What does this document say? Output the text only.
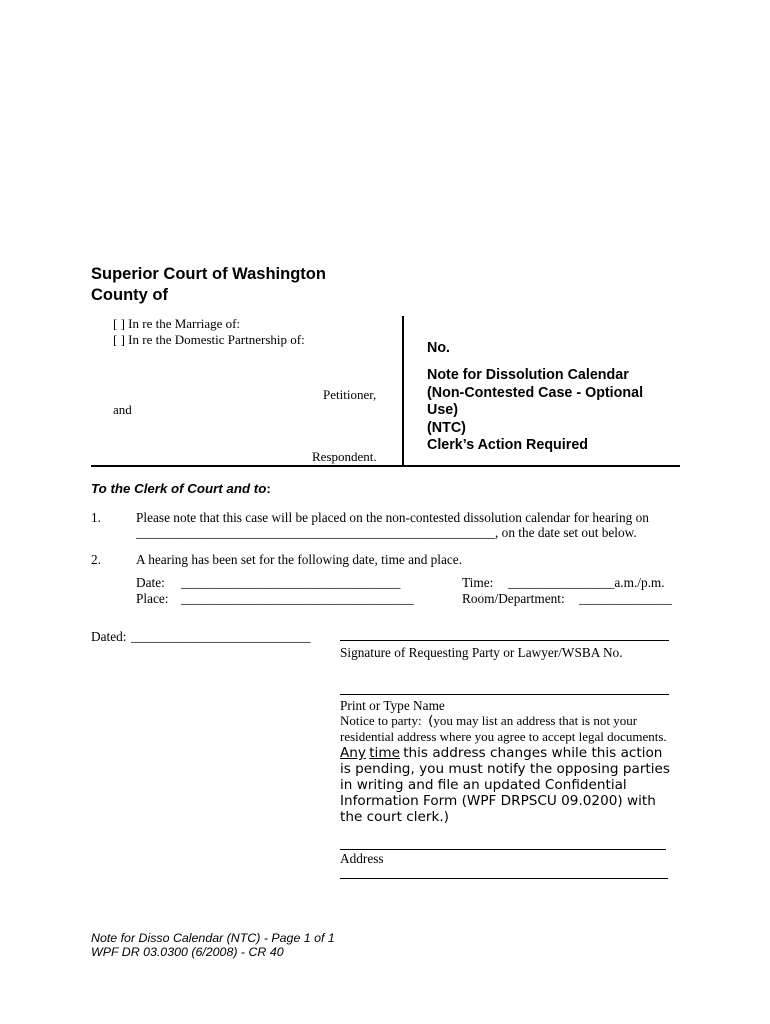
Superior Court of Washington
County of
[ ] In re the Marriage of:
[ ] In re the Domestic Partnership of:
Petitioner,
and
Respondent.
No.
Note for Dissolution Calendar
(Non-Contested Case - Optional
Use)
(NTC)
Clerk’s Action Required
To the Clerk of Court and to:
1.	Please note that this case will be placed on the non-contested dissolution calendar for hearing on
______________________________________________________, on the date set out below.
2.	A hearing has been set for the following date, time and place.
Date: _________________________________	Time: ________________a.m./p.m.
Place: ___________________________________	Room/Department: ______________
Dated: ___________________________
Signature of Requesting Party or Lawyer/WSBA No.
Print or Type Name
Notice to party: (you may list an address that is not your residential address where you agree to accept legal documents. Any time this address changes while this action is pending, you must notify the opposing parties in writing and file an updated Confidential Information Form (WPF DRPSCU 09.0200) with the court clerk.)
Address
Note for Disso Calendar (NTC) - Page 1 of 1
WPF DR 03.0300 (6/2008) - CR 40
